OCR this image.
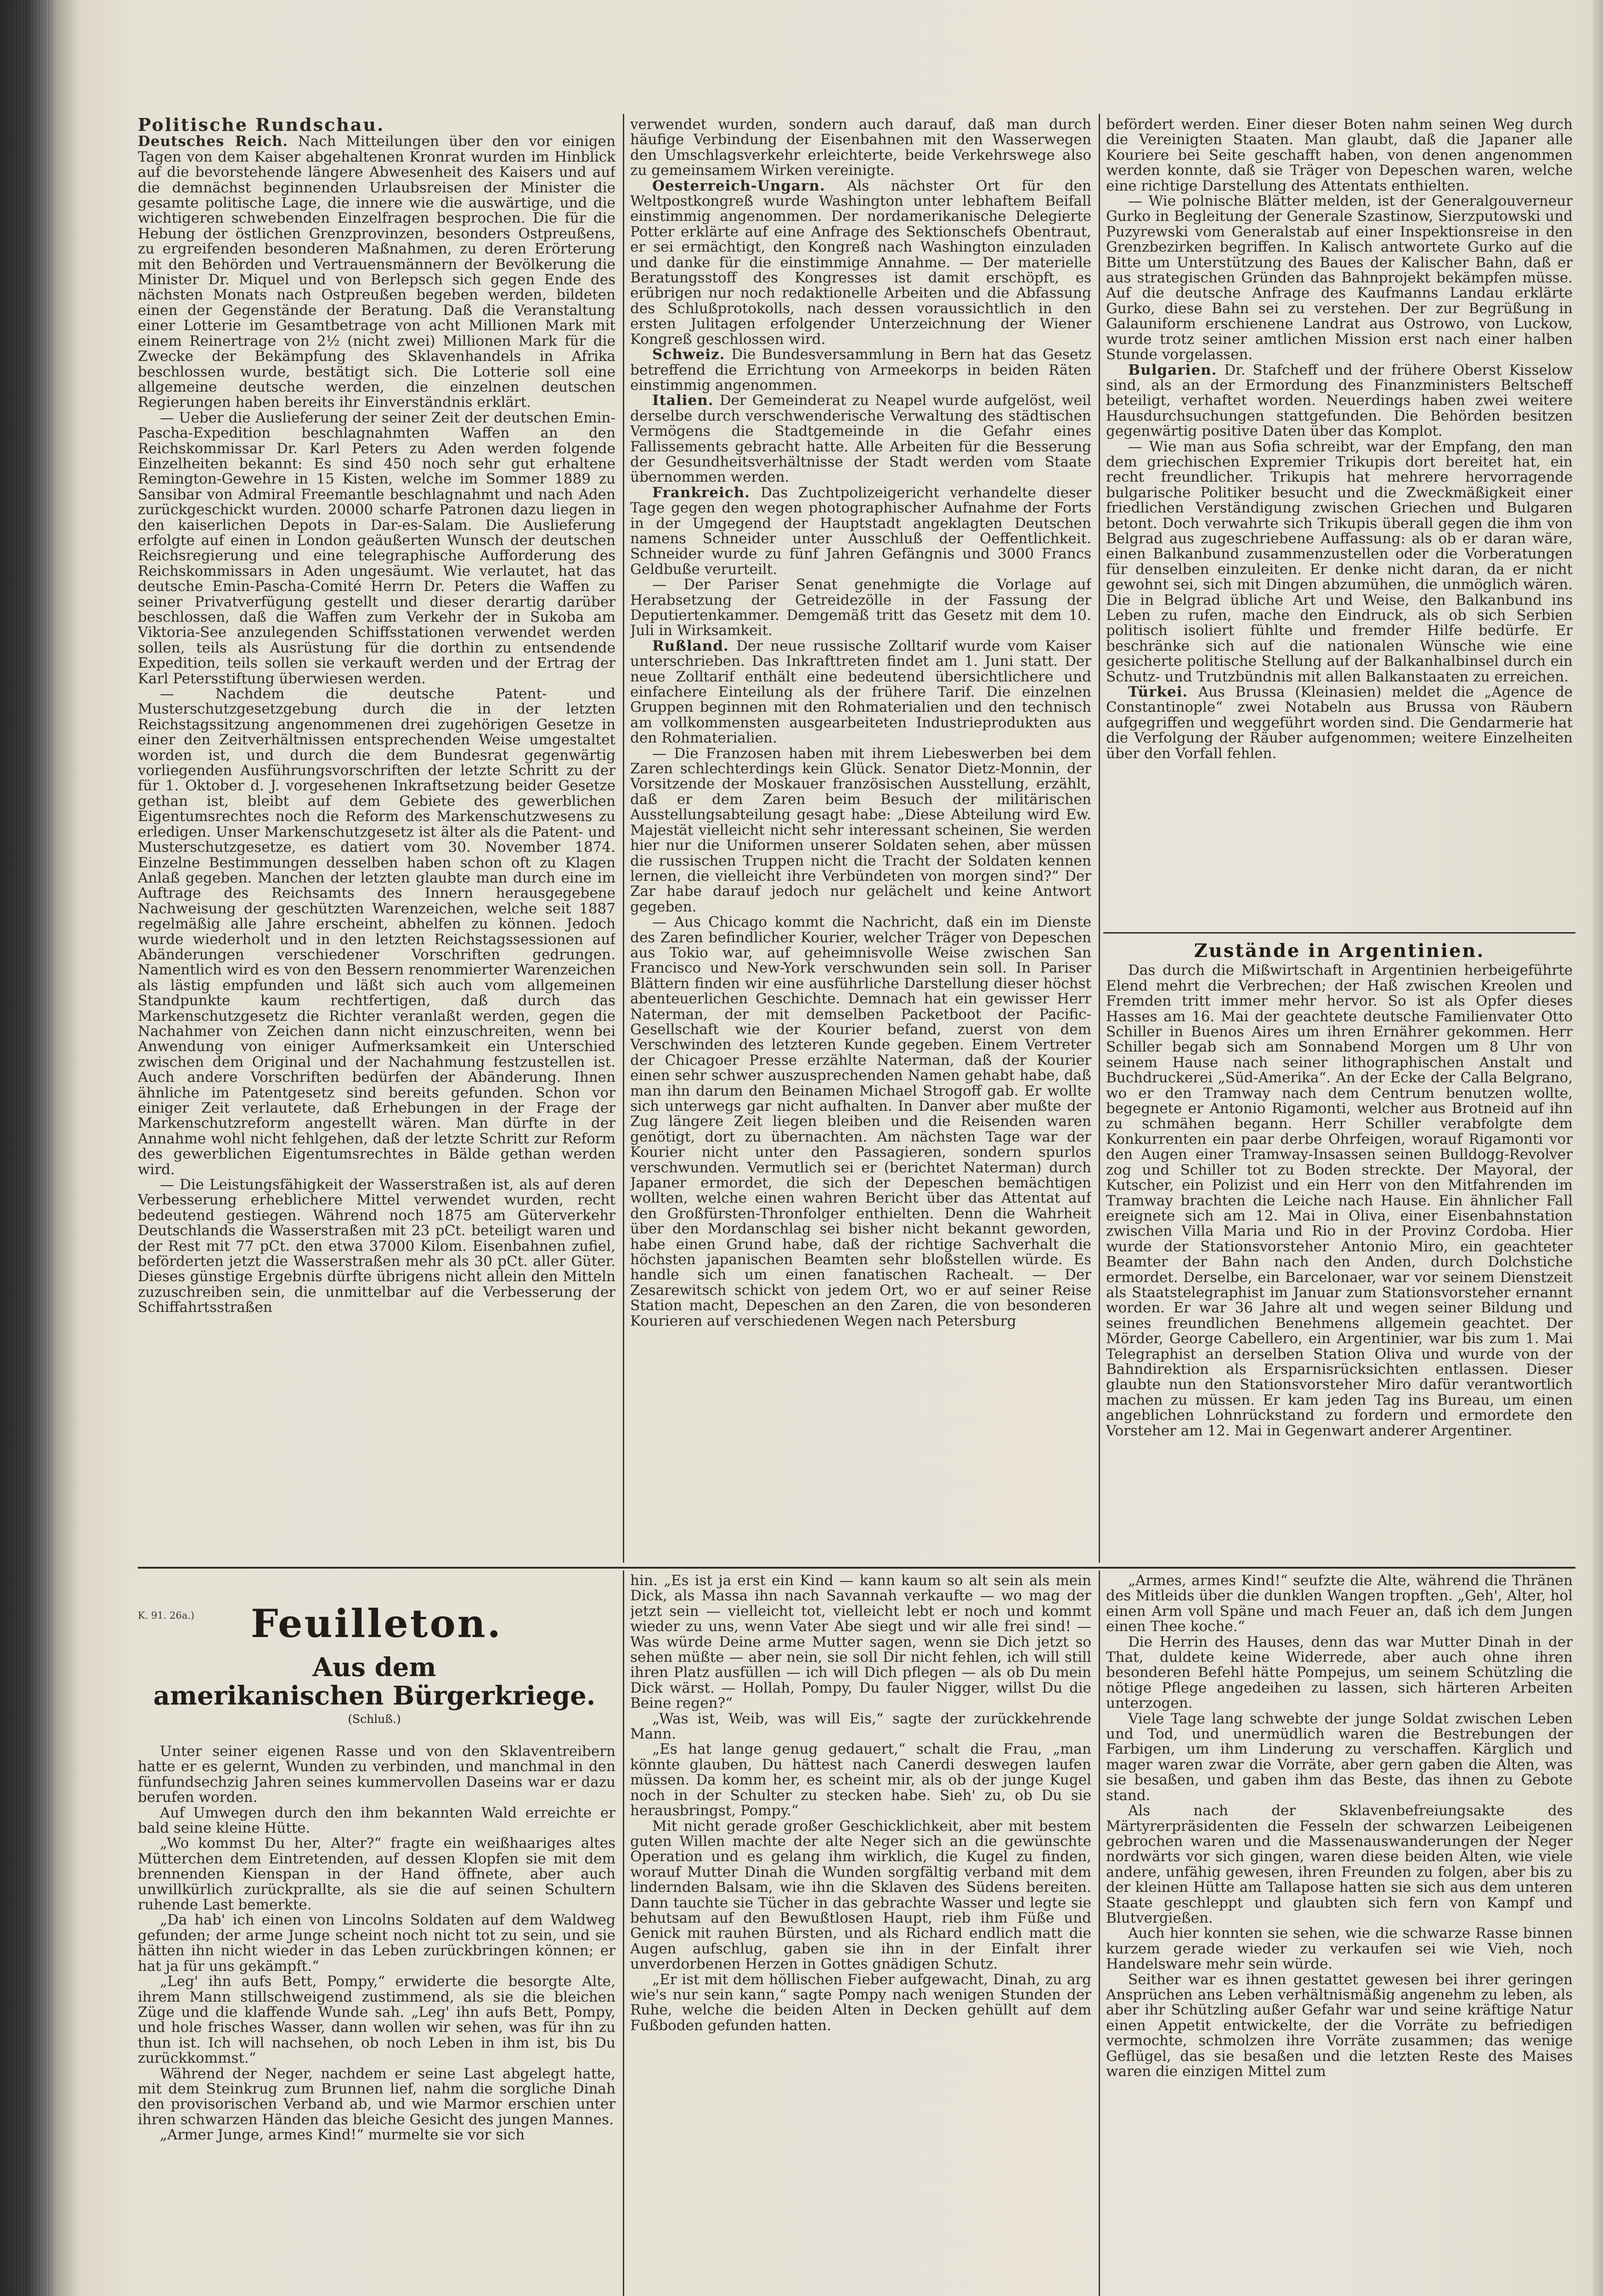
Politische Rundschau.

Deutsches Reich. Nach Mitteilungen über den vor einigen Tagen von dem Kaiser abgehaltenen Kronrat wurden im Hinblick auf die bevorstehende längere Abwesenheit des Kaisers und auf die demnächst beginnenden Urlaubsreisen der Minister die gesamte politische Lage, die innere wie die auswärtige, und die wichtigeren schwebenden Einzelfragen besprochen. Die für die Hebung der östlichen Grenzprovinzen, besonders Ostpreußens, zu ergreifenden besonderen Maßnahmen, zu deren Erörterung mit den Behörden und Vertrauensmännern der Bevölkerung die Minister Dr. Miquel und von Berlepsch sich gegen Ende des nächsten Monats nach Ostpreußen begeben werden, bildeten einen der Gegenstände der Beratung. Daß die Veranstaltung einer Lotterie im Gesamtbetrage von acht Millionen Mark mit einem Reinertrage von 2½ (nicht zwei) Millionen Mark für die Zwecke der Bekämpfung des Sklavenhandels in Afrika beschlossen wurde, bestätigt sich. Die Lotterie soll eine allgemeine deutsche werden, die einzelnen deutschen Regierungen haben bereits ihr Einverständnis erklärt.

— Ueber die Auslieferung der seiner Zeit der deutschen Emin-Pascha-Expedition beschlagnahmten Waffen an den Reichskommissar Dr. Karl Peters zu Aden werden folgende Einzelheiten bekannt: Es sind 450 noch sehr gut erhaltene Remington-Gewehre in 15 Kisten, welche im Sommer 1889 zu Sansibar von Admiral Freemantle beschlagnahmt und nach Aden zurückgeschickt wurden. 20000 scharfe Patronen dazu liegen in den kaiserlichen Depots in Dar-es-Salam. Die Auslieferung erfolgte auf einen in London geäußerten Wunsch der deutschen Reichsregierung und eine telegraphische Aufforderung des Reichskommissars in Aden ungesäumt. Wie verlautet, hat das deutsche Emin-Pascha-Comité Herrn Dr. Peters die Waffen zu seiner Privatverfügung gestellt und dieser derartig darüber beschlossen, daß die Waffen zum Verkehr der in Sukoba am Viktoria-See anzulegenden Schiffsstationen verwendet werden sollen, teils als Ausrüstung für die dorthin zu entsendende Expedition, teils sollen sie verkauft werden und der Ertrag der Karl Petersstiftung überwiesen werden.

— Nachdem die deutsche Patent- und Musterschutzgesetzgebung durch die in der letzten Reichstagssitzung angenommenen drei zugehörigen Gesetze in einer den Zeitverhältnissen entsprechenden Weise umgestaltet worden ist, und durch die dem Bundesrat gegenwärtig vorliegenden Ausführungsvorschriften der letzte Schritt zu der für 1. Oktober d. J. vorgesehenen Inkraftsetzung beider Gesetze gethan ist, bleibt auf dem Gebiete des gewerblichen Eigentumsrechtes noch die Reform des Markenschutzwesens zu erledigen. Unser Markenschutzgesetz ist älter als die Patent- und Musterschutzgesetze, es datiert vom 30. November 1874. Einzelne Bestimmungen desselben haben schon oft zu Klagen Anlaß gegeben. Manchen der letzten glaubte man durch eine im Auftrage des Reichsamts des Innern herausgegebene Nachweisung der geschützten Warenzeichen, welche seit 1887 regelmäßig alle Jahre erscheint, abhelfen zu können. Jedoch wurde wiederholt und in den letzten Reichstagssessionen auf Abänderungen verschiedener Vorschriften gedrungen. Namentlich wird es von den Bessern renommierter Warenzeichen als lästig empfunden und läßt sich auch vom allgemeinen Standpunkte kaum rechtfertigen, daß durch das Markenschutzgesetz die Richter veranlaßt werden, gegen die Nachahmer von Zeichen dann nicht einzuschreiten, wenn bei Anwendung von einiger Aufmerksamkeit ein Unterschied zwischen dem Original und der Nachahmung festzustellen ist. Auch andere Vorschriften bedürfen der Abänderung. Ihnen ähnliche im Patentgesetz sind bereits gefunden. Schon vor einiger Zeit verlautete, daß Erhebungen in der Frage der Markenschutzreform angestellt wären. Man dürfte in der Annahme wohl nicht fehlgehen, daß der letzte Schritt zur Reform des gewerblichen Eigentumsrechtes in Bälde gethan werden wird.

— Die Leistungsfähigkeit der Wasserstraßen ist, als auf deren Verbesserung erheblichere Mittel verwendet wurden, recht bedeutend gestiegen. Während noch 1875 am Güterverkehr Deutschlands die Wasserstraßen mit 23 pCt. beteiligt waren und der Rest mit 77 pCt. den etwa 37000 Kilom. Eisenbahnen zufiel, beförderten jetzt die Wasserstraßen mehr als 30 pCt. aller Güter. Dieses günstige Ergebnis dürfte übrigens nicht allein den Mitteln zuzuschreiben sein, die unmittelbar auf die Verbesserung der Schiffahrtsstraßen

verwendet wurden, sondern auch darauf, daß man durch häufige Verbindung der Eisenbahnen mit den Wasserwegen den Umschlagsverkehr erleichterte, beide Verkehrswege also zu gemeinsamem Wirken vereinigte.

Oesterreich-Ungarn. Als nächster Ort für den Weltpostkongreß wurde Washington unter lebhaftem Beifall einstimmig angenommen. Der nordamerikanische Delegierte Potter erklärte auf eine Anfrage des Sektionschefs Obentraut, er sei ermächtigt, den Kongreß nach Washington einzuladen und danke für die einstimmige Annahme. — Der materielle Beratungsstoff des Kongresses ist damit erschöpft, es erübrigen nur noch redaktionelle Arbeiten und die Abfassung des Schlußprotokolls, nach dessen voraussichtlich in den ersten Julitagen erfolgender Unterzeichnung der Wiener Kongreß geschlossen wird.

Schweiz. Die Bundesversammlung in Bern hat das Gesetz betreffend die Errichtung von Armeekorps in beiden Räten einstimmig angenommen.

Italien. Der Gemeinderat zu Neapel wurde aufgelöst, weil derselbe durch verschwenderische Verwaltung des städtischen Vermögens die Stadtgemeinde in die Gefahr eines Fallissements gebracht hatte. Alle Arbeiten für die Besserung der Gesundheitsverhältnisse der Stadt werden vom Staate übernommen werden.

Frankreich. Das Zuchtpolizeigericht verhandelte dieser Tage gegen den wegen photographischer Aufnahme der Forts in der Umgegend der Hauptstadt angeklagten Deutschen namens Schneider unter Ausschluß der Oeffentlichkeit. Schneider wurde zu fünf Jahren Gefängnis und 3000 Francs Geldbuße verurteilt.

— Der Pariser Senat genehmigte die Vorlage auf Herabsetzung der Getreidezölle in der Fassung der Deputiertenkammer. Demgemäß tritt das Gesetz mit dem 10. Juli in Wirksamkeit.

Rußland. Der neue russische Zolltarif wurde vom Kaiser unterschrieben. Das Inkrafttreten findet am 1. Juni statt. Der neue Zolltarif enthält eine bedeutend übersichtlichere und einfachere Einteilung als der frühere Tarif. Die einzelnen Gruppen beginnen mit den Rohmaterialien und den technisch am vollkommensten ausgearbeiteten Industrieprodukten aus den Rohmaterialien.

— Die Franzosen haben mit ihrem Liebeswerben bei dem Zaren schlechterdings kein Glück. Senator Dietz-Monnin, der Vorsitzende der Moskauer französischen Ausstellung, erzählt, daß er dem Zaren beim Besuch der militärischen Ausstellungsabteilung gesagt habe: „Diese Abteilung wird Ew. Majestät vielleicht nicht sehr interessant scheinen, Sie werden hier nur die Uniformen unserer Soldaten sehen, aber müssen die russischen Truppen nicht die Tracht der Soldaten kennen lernen, die vielleicht ihre Verbündeten von morgen sind?“ Der Zar habe darauf jedoch nur gelächelt und keine Antwort gegeben.

— Aus Chicago kommt die Nachricht, daß ein im Dienste des Zaren befindlicher Kourier, welcher Träger von Depeschen aus Tokio war, auf geheimnisvolle Weise zwischen San Francisco und New-York verschwunden sein soll. In Pariser Blättern finden wir eine ausführliche Darstellung dieser höchst abenteuerlichen Geschichte. Demnach hat ein gewisser Herr Naterman, der mit demselben Packetboot der Pacific-Gesellschaft wie der Kourier befand, zuerst von dem Verschwinden des letzteren Kunde gegeben. Einem Vertreter der Chicagoer Presse erzählte Naterman, daß der Kourier einen sehr schwer auszusprechenden Namen gehabt habe, daß man ihn darum den Beinamen Michael Strogoff gab. Er wollte sich unterwegs gar nicht aufhalten. In Danver aber mußte der Zug längere Zeit liegen bleiben und die Reisenden waren genötigt, dort zu übernachten. Am nächsten Tage war der Kourier nicht unter den Passagieren, sondern spurlos verschwunden. Vermutlich sei er (berichtet Naterman) durch Japaner ermordet, die sich der Depeschen bemächtigen wollten, welche einen wahren Bericht über das Attentat auf den Großfürsten-Thronfolger enthielten. Denn die Wahrheit über den Mordanschlag sei bisher nicht bekannt geworden, habe einen Grund habe, daß der richtige Sachverhalt die höchsten japanischen Beamten sehr bloßstellen würde. Es handle sich um einen fanatischen Rachealt. — Der Zesarewitsch schickt von jedem Ort, wo er auf seiner Reise Station macht, Depeschen an den Zaren, die von besonderen Kourieren auf verschiedenen Wegen nach Petersburg

befördert werden. Einer dieser Boten nahm seinen Weg durch die Vereinigten Staaten. Man glaubt, daß die Japaner alle Kouriere bei Seite geschafft haben, von denen angenommen werden konnte, daß sie Träger von Depeschen waren, welche eine richtige Darstellung des Attentats enthielten.

— Wie polnische Blätter melden, ist der Generalgouverneur Gurko in Begleitung der Generale Szastinow, Sierzputowski und Puzyrewski vom Generalstab auf einer Inspektionsreise in den Grenzbezirken begriffen. In Kalisch antwortete Gurko auf die Bitte um Unterstützung des Baues der Kalischer Bahn, daß er aus strategischen Gründen das Bahnprojekt bekämpfen müsse. Auf die deutsche Anfrage des Kaufmanns Landau erklärte Gurko, diese Bahn sei zu verstehen. Der zur Begrüßung in Galauniform erschienene Landrat aus Ostrowo, von Luckow, wurde trotz seiner amtlichen Mission erst nach einer halben Stunde vorgelassen.

Bulgarien. Dr. Stafcheff und der frühere Oberst Kisselow sind, als an der Ermordung des Finanzministers Beltscheff beteiligt, verhaftet worden. Neuerdings haben zwei weitere Hausdurchsuchungen stattgefunden. Die Behörden besitzen gegenwärtig positive Daten über das Komplot.

— Wie man aus Sofia schreibt, war der Empfang, den man dem griechischen Expremier Trikupis dort bereitet hat, ein recht freundlicher. Trikupis hat mehrere hervorragende bulgarische Politiker besucht und die Zweckmäßigkeit einer friedlichen Verständigung zwischen Griechen und Bulgaren betont. Doch verwahrte sich Trikupis überall gegen die ihm von Belgrad aus zugeschriebene Auffassung: als ob er daran wäre, einen Balkanbund zusammenzustellen oder die Vorberatungen für denselben einzuleiten. Er denke nicht daran, da er nicht gewohnt sei, sich mit Dingen abzumühen, die unmöglich wären. Die in Belgrad übliche Art und Weise, den Balkanbund ins Leben zu rufen, mache den Eindruck, als ob sich Serbien politisch isoliert fühlte und fremder Hilfe bedürfe. Er beschränke sich auf die nationalen Wünsche wie eine gesicherte politische Stellung auf der Balkanhalbinsel durch ein Schutz- und Trutzbündnis mit allen Balkanstaaten zu erreichen.

Türkei. Aus Brussa (Kleinasien) meldet die „Agence de Constantinople“ zwei Notabeln aus Brussa von Räubern aufgegriffen und weggeführt worden sind. Die Gendarmerie hat die Verfolgung der Räuber aufgenommen; weitere Einzelheiten über den Vorfall fehlen.

Zustände in Argentinien.

Das durch die Mißwirtschaft in Argentinien herbeigeführte Elend mehrt die Verbrechen; der Haß zwischen Kreolen und Fremden tritt immer mehr hervor. So ist als Opfer dieses Hasses am 16. Mai der geachtete deutsche Familienvater Otto Schiller in Buenos Aires um ihren Ernährer gekommen. Herr Schiller begab sich am Sonnabend Morgen um 8 Uhr von seinem Hause nach seiner lithographischen Anstalt und Buchdruckerei „Süd-Amerika“. An der Ecke der Calla Belgrano, wo er den Tramway nach dem Centrum benutzen wollte, begegnete er Antonio Rigamonti, welcher aus Brotneid auf ihn zu schmähen begann. Herr Schiller verabfolgte dem Konkurrenten ein paar derbe Ohrfeigen, worauf Rigamonti vor den Augen einer Tramway-Insassen seinen Bulldogg-Revolver zog und Schiller tot zu Boden streckte. Der Mayoral, der Kutscher, ein Polizist und ein Herr von den Mitfahrenden im Tramway brachten die Leiche nach Hause. Ein ähnlicher Fall ereignete sich am 12. Mai in Oliva, einer Eisenbahnstation zwischen Villa Maria und Rio in der Provinz Cordoba. Hier wurde der Stationsvorsteher Antonio Miro, ein geachteter Beamter der Bahn nach den Anden, durch Dolchstiche ermordet. Derselbe, ein Barcelonaer, war vor seinem Dienstzeit als Staatstelegraphist im Januar zum Stationsvorsteher ernannt worden. Er war 36 Jahre alt und wegen seiner Bildung und seines freundlichen Benehmens allgemein geachtet. Der Mörder, George Cabellero, ein Argentinier, war bis zum 1. Mai Telegraphist an derselben Station Oliva und wurde von der Bahndirektion als Ersparnisrücksichten entlassen. Dieser glaubte nun den Stationsvorsteher Miro dafür verantwortlich machen zu müssen. Er kam jeden Tag ins Bureau, um einen angeblichen Lohnrückstand zu fordern und ermordete den Vorsteher am 12. Mai in Gegenwart anderer Argentiner.

K. 91. 26a.)	Feuilleton.
Aus dem
amerikanischen Bürgerkriege.
(Schluß.)

Unter seiner eigenen Rasse und von den Sklaventreibern hatte er es gelernt, Wunden zu verbinden, und manchmal in den fünfundsechzig Jahren seines kummervollen Daseins war er dazu berufen worden.

Auf Umwegen durch den ihm bekannten Wald erreichte er bald seine kleine Hütte.

„Wo kommst Du her, Alter?“ fragte ein weißhaariges altes Mütterchen dem Eintretenden, auf dessen Klopfen sie mit dem brennenden Kienspan in der Hand öffnete, aber auch unwillkürlich zurückprallte, als sie die auf seinen Schultern ruhende Last bemerkte.

„Da hab' ich einen von Lincolns Soldaten auf dem Waldweg gefunden; der arme Junge scheint noch nicht tot zu sein, und sie hätten ihn nicht wieder in das Leben zurückbringen können; er hat ja für uns gekämpft.“

„Leg' ihn aufs Bett, Pompy,“ erwiderte die besorgte Alte, ihrem Mann stillschweigend zustimmend, als sie die bleichen Züge und die klaffende Wunde sah. „Leg' ihn aufs Bett, Pompy, und hole frisches Wasser, dann wollen wir sehen, was für ihn zu thun ist. Ich will nachsehen, ob noch Leben in ihm ist, bis Du zurückkommst.“

Während der Neger, nachdem er seine Last abgelegt hatte, mit dem Steinkrug zum Brunnen lief, nahm die sorgliche Dinah den provisorischen Verband ab, und wie Marmor erschien unter ihren schwarzen Händen das bleiche Gesicht des jungen Mannes.

„Armer Junge, armes Kind!“ murmelte sie vor sich

hin. „Es ist ja erst ein Kind — kann kaum so alt sein als mein Dick, als Massa ihn nach Savannah verkaufte — wo mag der jetzt sein — vielleicht tot, vielleicht lebt er noch und kommt wieder zu uns, wenn Vater Abe siegt und wir alle frei sind! — Was würde Deine arme Mutter sagen, wenn sie Dich jetzt so sehen müßte — aber nein, sie soll Dir nicht fehlen, ich will still ihren Platz ausfüllen — ich will Dich pflegen — als ob Du mein Dick wärst. — Hollah, Pompy, Du fauler Nigger, willst Du die Beine regen?“

„Was ist, Weib, was will Eis,“ sagte der zurückkehrende Mann.

„Es hat lange genug gedauert,“ schalt die Frau, „man könnte glauben, Du hättest nach Canerdi deswegen laufen müssen. Da komm her, es scheint mir, als ob der junge Kugel noch in der Schulter zu stecken habe. Sieh' zu, ob Du sie herausbringst, Pompy.“

Mit nicht gerade großer Geschicklichkeit, aber mit bestem guten Willen machte der alte Neger sich an die gewünschte Operation und es gelang ihm wirklich, die Kugel zu finden, worauf Mutter Dinah die Wunden sorgfältig verband mit dem lindernden Balsam, wie ihn die Sklaven des Südens bereiten. Dann tauchte sie Tücher in das gebrachte Wasser und legte sie behutsam auf den Bewußtlosen Haupt, rieb ihm Füße und Genick mit rauhen Bürsten, und als Richard endlich matt die Augen aufschlug, gaben sie ihn in der Einfalt ihrer unverdorbenen Herzen in Gottes gnädigen Schutz.

„Er ist mit dem höllischen Fieber aufgewacht, Dinah, zu arg wie's nur sein kann,“ sagte Pompy nach wenigen Stunden der Ruhe, welche die beiden Alten in Decken gehüllt auf dem Fußboden gefunden hatten.

„Armes, armes Kind!“ seufzte die Alte, während die Thränen des Mitleids über die dunklen Wangen tropften. „Geh', Alter, hol einen Arm voll Späne und mach Feuer an, daß ich dem Jungen einen Thee koche.“

Die Herrin des Hauses, denn das war Mutter Dinah in der That, duldete keine Widerrede, aber auch ohne ihren besonderen Befehl hätte Pompejus, um seinem Schützling die nötige Pflege angedeihen zu lassen, sich härteren Arbeiten unterzogen.

Viele Tage lang schwebte der junge Soldat zwischen Leben und Tod, und unermüdlich waren die Bestrebungen der Farbigen, um ihm Linderung zu verschaffen. Kärglich und mager waren zwar die Vorräte, aber gern gaben die Alten, was sie besaßen, und gaben ihm das Beste, das ihnen zu Gebote stand.

Als nach der Sklavenbefreiungsakte des Märtyrerpräsidenten die Fesseln der schwarzen Leibeigenen gebrochen waren und die Massenauswanderungen der Neger nordwärts vor sich gingen, waren diese beiden Alten, wie viele andere, unfähig gewesen, ihren Freunden zu folgen, aber bis zu der kleinen Hütte am Tallapose hatten sie sich aus dem unteren Staate geschleppt und glaubten sich fern von Kampf und Blutvergießen.

Auch hier konnten sie sehen, wie die schwarze Rasse binnen kurzem gerade wieder zu verkaufen sei wie Vieh, noch Handelsware mehr sein würde.

Seither war es ihnen gestattet gewesen bei ihrer geringen Ansprüchen ans Leben verhältnismäßig angenehm zu leben, als aber ihr Schützling außer Gefahr war und seine kräftige Natur einen Appetit entwickelte, der die Vorräte zu befriedigen vermochte, schmolzen ihre Vorräte zusammen; das wenige Geflügel, das sie besaßen und die letzten Reste des Maises waren die einzigen Mittel zum
